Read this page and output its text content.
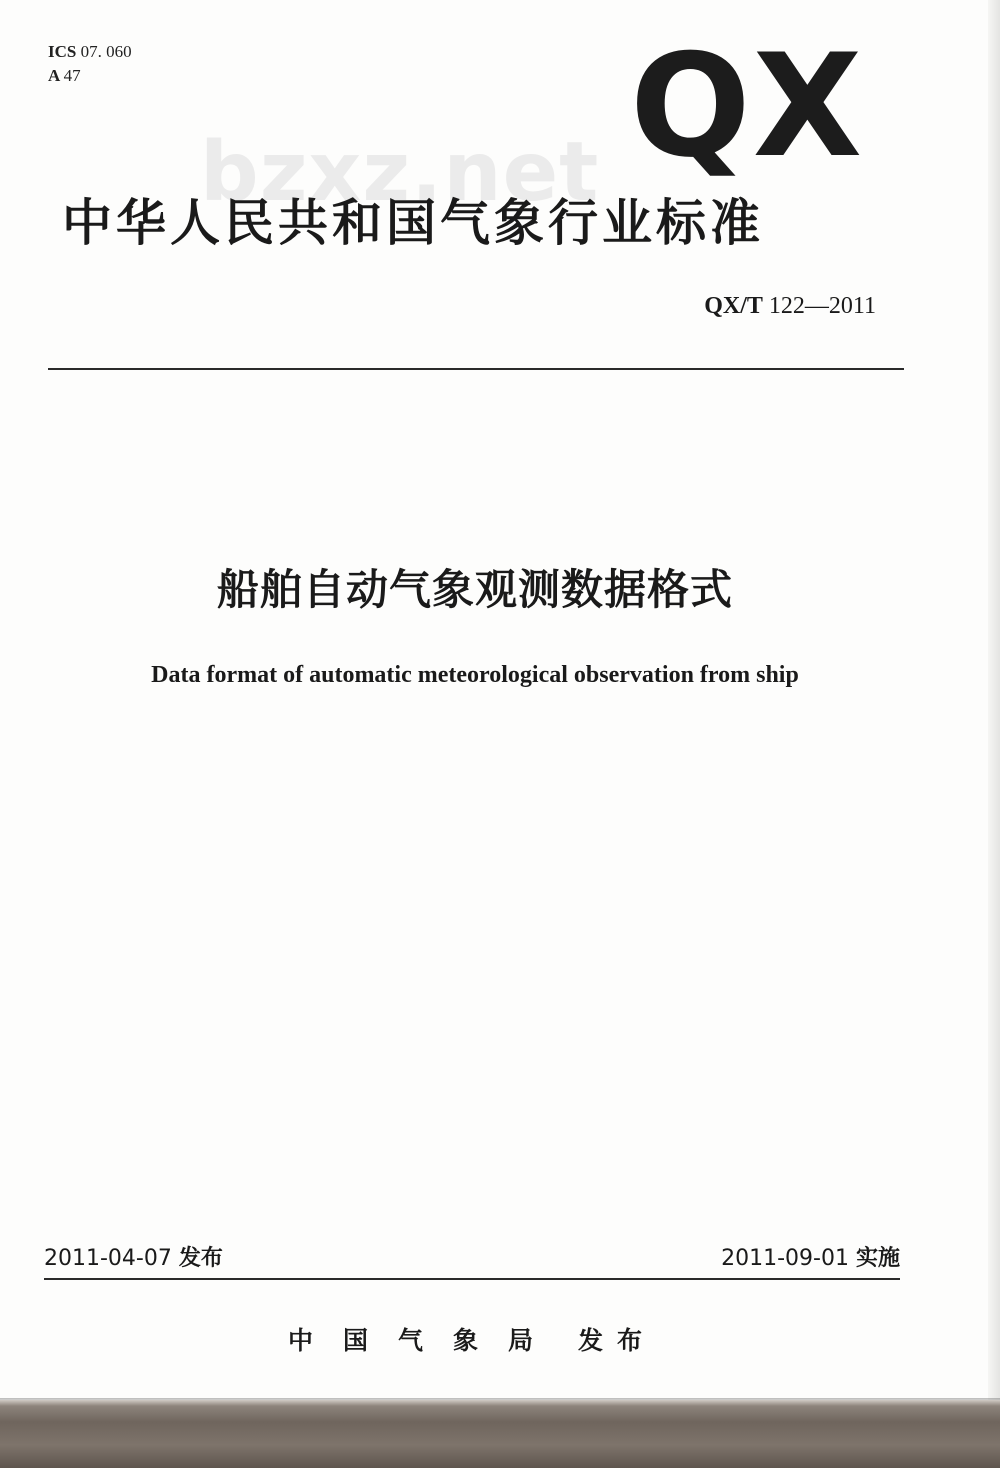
ICS 07. 060
A 47	QX
bzxz.net
中华人民共和国气象行业标准
QX/T 122—2011
船舶自动气象观测数据格式
Data format of automatic meteorological observation from ship
2011-04-07 发布	2011-09-01 实施
中国气象局 发布
